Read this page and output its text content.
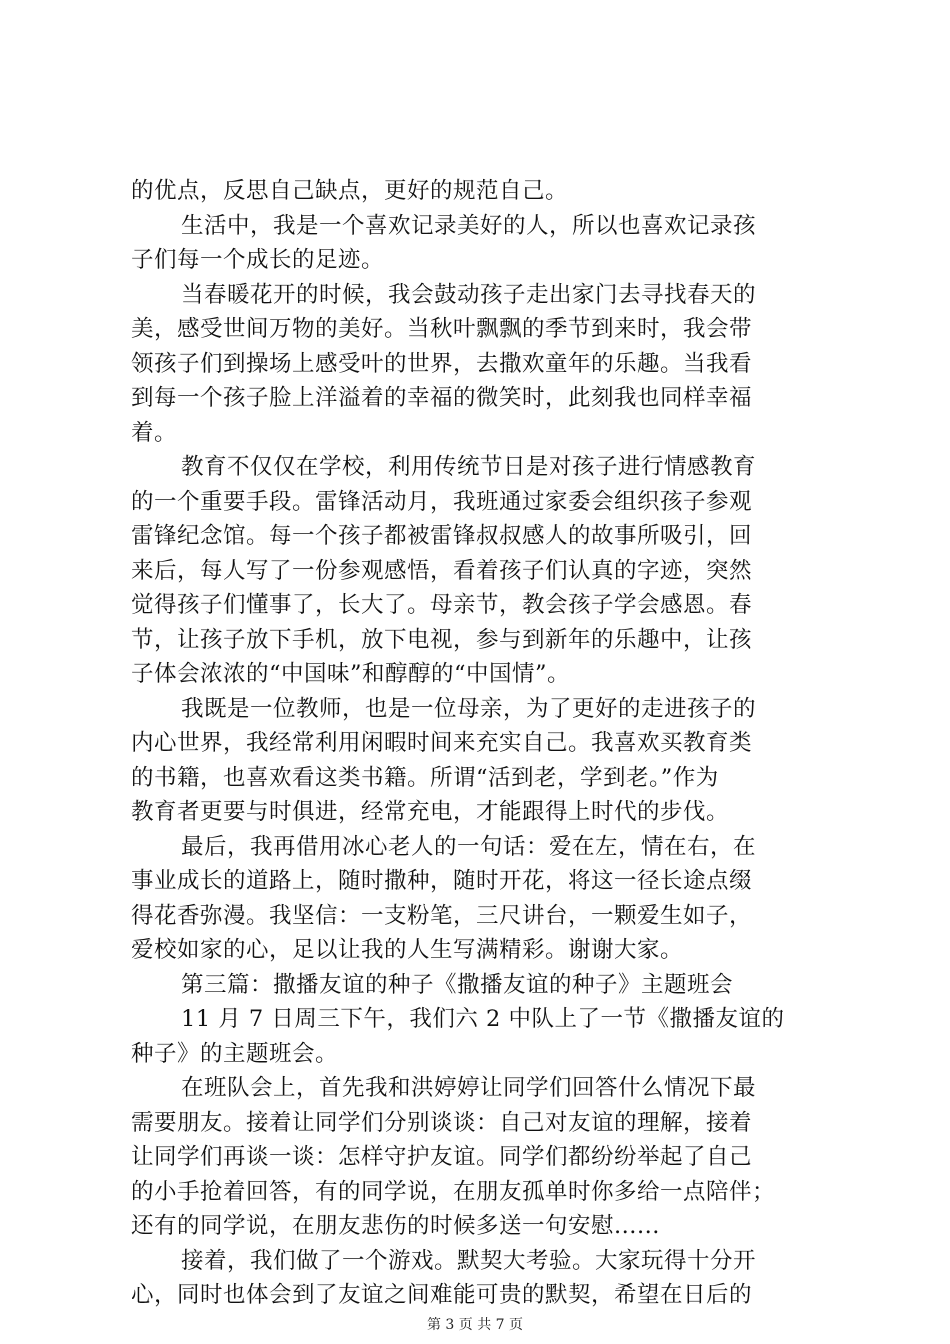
的优点，反思自己缺点，更好的规范自己。
生活中，我是一个喜欢记录美好的人，所以也喜欢记录孩
子们每一个成长的足迹。
当春暖花开的时候，我会鼓动孩子走出家门去寻找春天的
美，感受世间万物的美好。当秋叶飘飘的季节到来时，我会带
领孩子们到操场上感受叶的世界，去撒欢童年的乐趣。当我看
到每一个孩子脸上洋溢着的幸福的微笑时，此刻我也同样幸福
着。
教育不仅仅在学校，利用传统节日是对孩子进行情感教育
的一个重要手段。雷锋活动月，我班通过家委会组织孩子参观
雷锋纪念馆。每一个孩子都被雷锋叔叔感人的故事所吸引，回
来后，每人写了一份参观感悟，看着孩子们认真的字迹，突然
觉得孩子们懂事了，长大了。母亲节，教会孩子学会感恩。春
节，让孩子放下手机，放下电视，参与到新年的乐趣中，让孩
子体会浓浓的“中国味”和醇醇的“中国情”。
我既是一位教师，也是一位母亲，为了更好的走进孩子的
内心世界，我经常利用闲暇时间来充实自己。我喜欢买教育类
的书籍，也喜欢看这类书籍。所谓“活到老，学到老。”作为
教育者更要与时俱进，经常充电，才能跟得上时代的步伐。
最后，我再借用冰心老人的一句话：爱在左，情在右，在
事业成长的道路上，随时撒种，随时开花，将这一径长途点缀
得花香弥漫。我坚信：一支粉笔，三尺讲台，一颗爱生如子，
爱校如家的心，足以让我的人生写满精彩。谢谢大家。
第三篇：撒播友谊的种子《撒播友谊的种子》主题班会
11 月 7 日周三下午，我们六 2 中队上了一节《撒播友谊的
种子》的主题班会。
在班队会上，首先我和洪婷婷让同学们回答什么情况下最
需要朋友。接着让同学们分别谈谈：自己对友谊的理解，接着
让同学们再谈一谈：怎样守护友谊。同学们都纷纷举起了自己
的小手抢着回答，有的同学说，在朋友孤单时你多给一点陪伴；
还有的同学说，在朋友悲伤的时候多送一句安慰......
接着，我们做了一个游戏。默契大考验。大家玩得十分开
心，同时也体会到了友谊之间难能可贵的默契，希望在日后的
第 3 页 共 7 页
